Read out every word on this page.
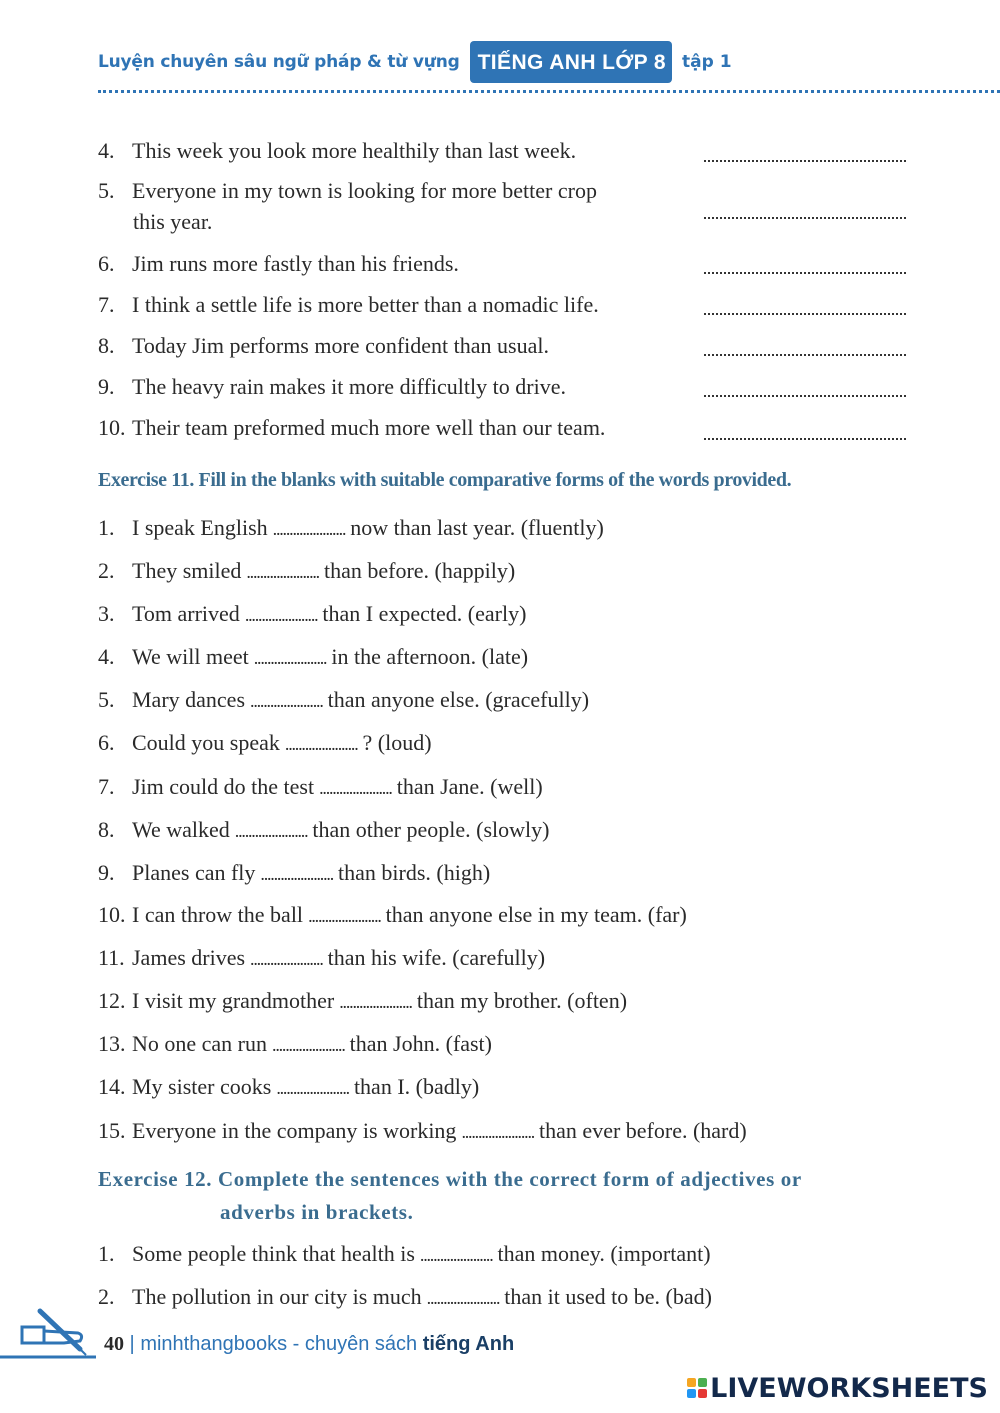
Luyện chuyên sâu ngữ pháp & từ vựng TIẾNG ANH LỚP 8 tập 1
4. This week you look more healthily than last week.
5. Everyone in my town is looking for more better crop
this year.
6. Jim runs more fastly than his friends.
7. I think a settle life is more better than a nomadic life.
8. Today Jim performs more confident than usual.
9. The heavy rain makes it more difficultly to drive.
10. Their team preformed much more well than our team.
Exercise 11. Fill in the blanks with suitable comparative forms of the words provided.
1. I speak English ...................... now than last year. (fluently)
2. They smiled ...................... than before. (happily)
3. Tom arrived ...................... than I expected. (early)
4. We will meet ...................... in the afternoon. (late)
5. Mary dances ...................... than anyone else. (gracefully)
6. Could you speak ...................... ? (loud)
7. Jim could do the test ...................... than Jane. (well)
8. We walked ...................... than other people. (slowly)
9. Planes can fly ...................... than birds. (high)
10. I can throw the ball ...................... than anyone else in my team. (far)
11. James drives ...................... than his wife. (carefully)
12. I visit my grandmother ...................... than my brother. (often)
13. No one can run ...................... than John. (fast)
14. My sister cooks ...................... than I. (badly)
15. Everyone in the company is working ...................... than ever before. (hard)
Exercise 12. Complete the sentences with the correct form of adjectives or
adverbs in brackets.
1. Some people think that health is ...................... than money. (important)
2. The pollution in our city is much ...................... than it used to be. (bad)
40 | minhthangbooks - chuyên sách tiếng Anh
LIVEWORKSHEETS
